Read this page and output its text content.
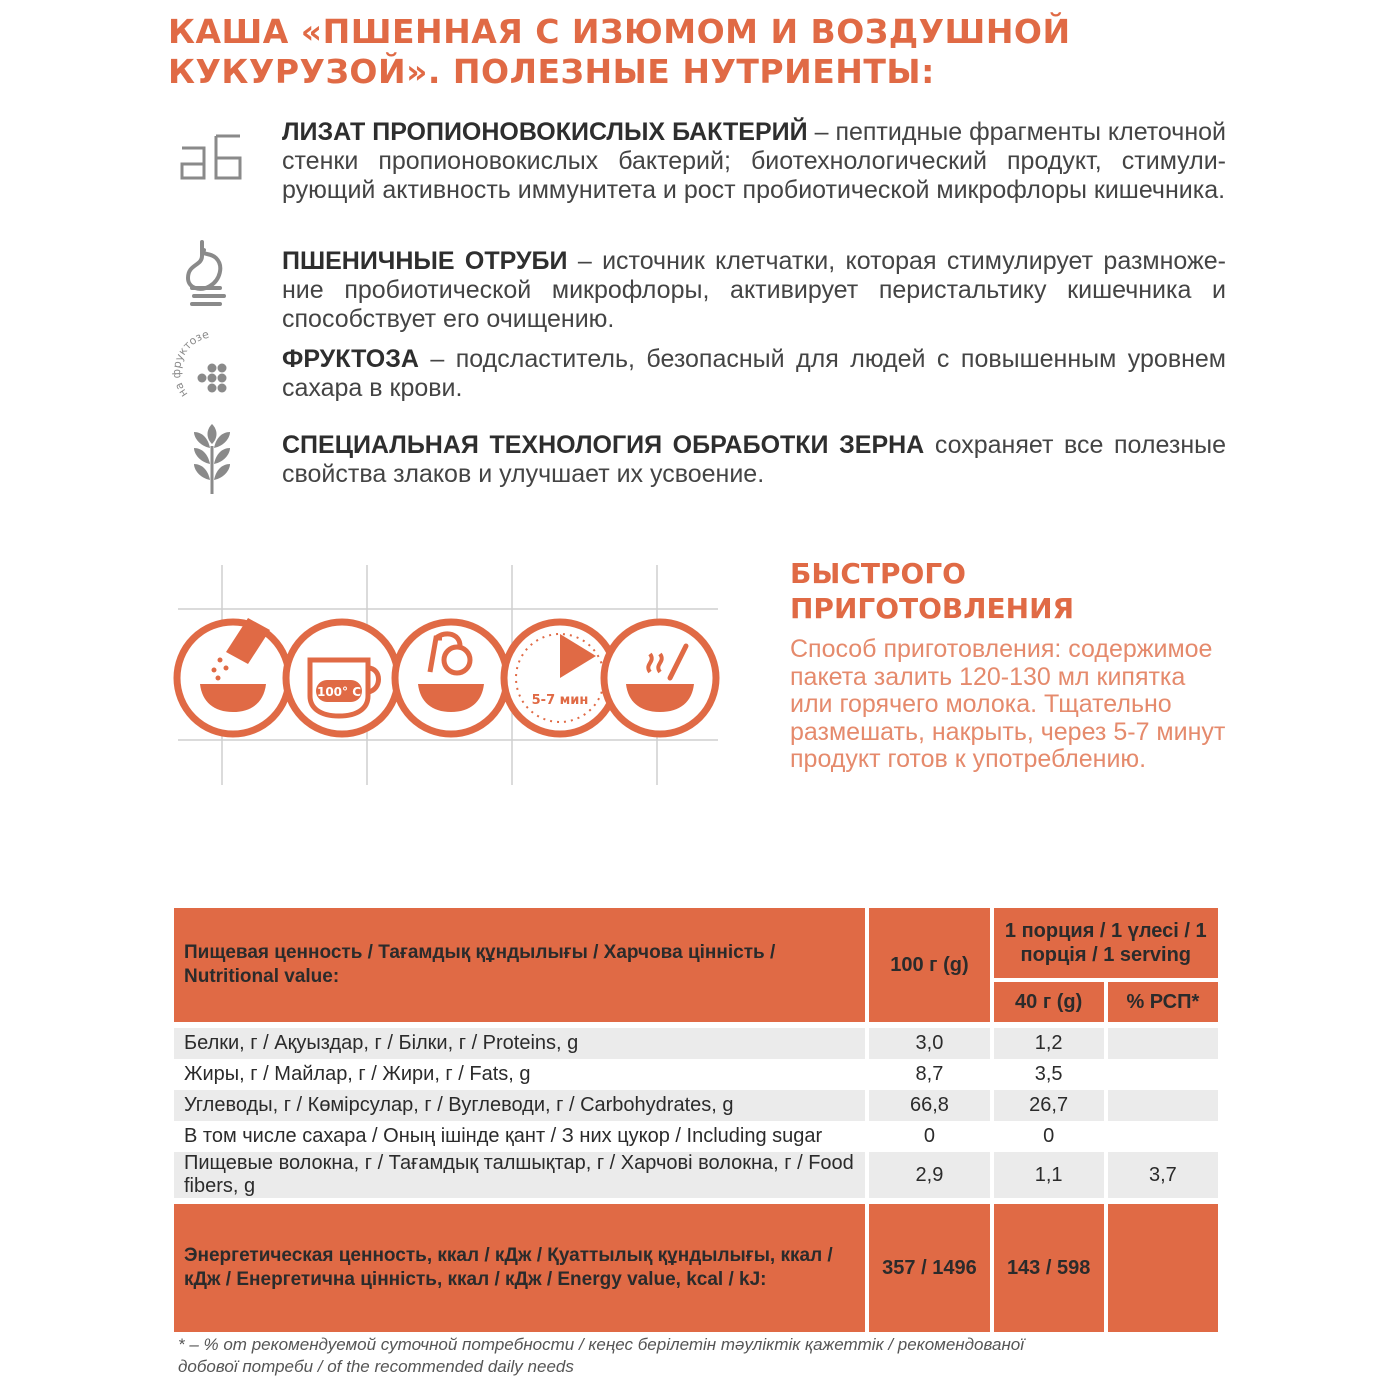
КАША «ПШЕННАЯ С ИЗЮМОМ И ВОЗДУШНОЙ
КУКУРУЗОЙ». ПОЛЕЗНЫЕ НУТРИЕНТЫ:
ЛИЗАТ ПРОПИОНОВОКИСЛЫХ БАКТЕРИЙ – пептидные фрагменты клеточной стенки пропионовокислых бактерий; биотехнологический продукт, стимули-рующий активность иммунитета и рост пробиотической микрофлоры кишечника.
ПШЕНИЧНЫЕ ОТРУБИ – источник клетчатки, которая стимулирует размноже-ние пробиотической микрофлоры, активирует перистальтику кишечника и способствует его очищению.
на уктозе
ФРУКТОЗА – подсластитель, безопасный для людей с повышенным уровнем сахара в крови.
СПЕЦИАЛЬНАЯ ТЕХНОЛОГИЯ ОБРАБОТКИ ЗЕРНА сохраняет все полезные свойства злаков и улучшает их усвоение.
100° С
5-7 мин
БЫСТРОГО
ПРИГОТОВЛЕНИЯ
Способ приготовления: содержимое пакета залить 120-130 мл кипятка или горячего молока. Тщательно размешать, накрыть, через 5-7 минут продукт готов к употреблению.
Пищевая ценность / Тағамдық құндылығы / Харчова цінність / Nutritional value:	100 г (g)	1 порция / 1 үлесі / 1 порція / 1 serving	
		40 г (g)	% РСП*

Белки, г / Ақуыздар, г / Білки, г / Proteins, g	3,0	1,2	
Жиры, г / Майлар, г / Жири, г / Fats, g	8,7	3,5	
Углеводы, г / Көмірсулар, г / Вуглеводи, г / Carbohydrates, g	66,8	26,7	
В том числе сахара / Оның ішінде қант / З них цукор / Including sugar	0	0	
Пищевые волокна, г / Тағамдық талшықтар, г / Харчові волокна, г / Food fibers, g	2,9	1,1	3,7

Энергетическая ценность, ккал / кДж / Қуаттылық құндылығы, ккал / кДж / Енергетична цінність, ккал / кДж / Energy value, kcal / kJ:	357 / 1496	143 / 598	
* – % от рекомендуемой суточной потребности / кеңес берілетін тәуліктік қажеттік / рекомендованої добової потреби / of the recommended daily needs
